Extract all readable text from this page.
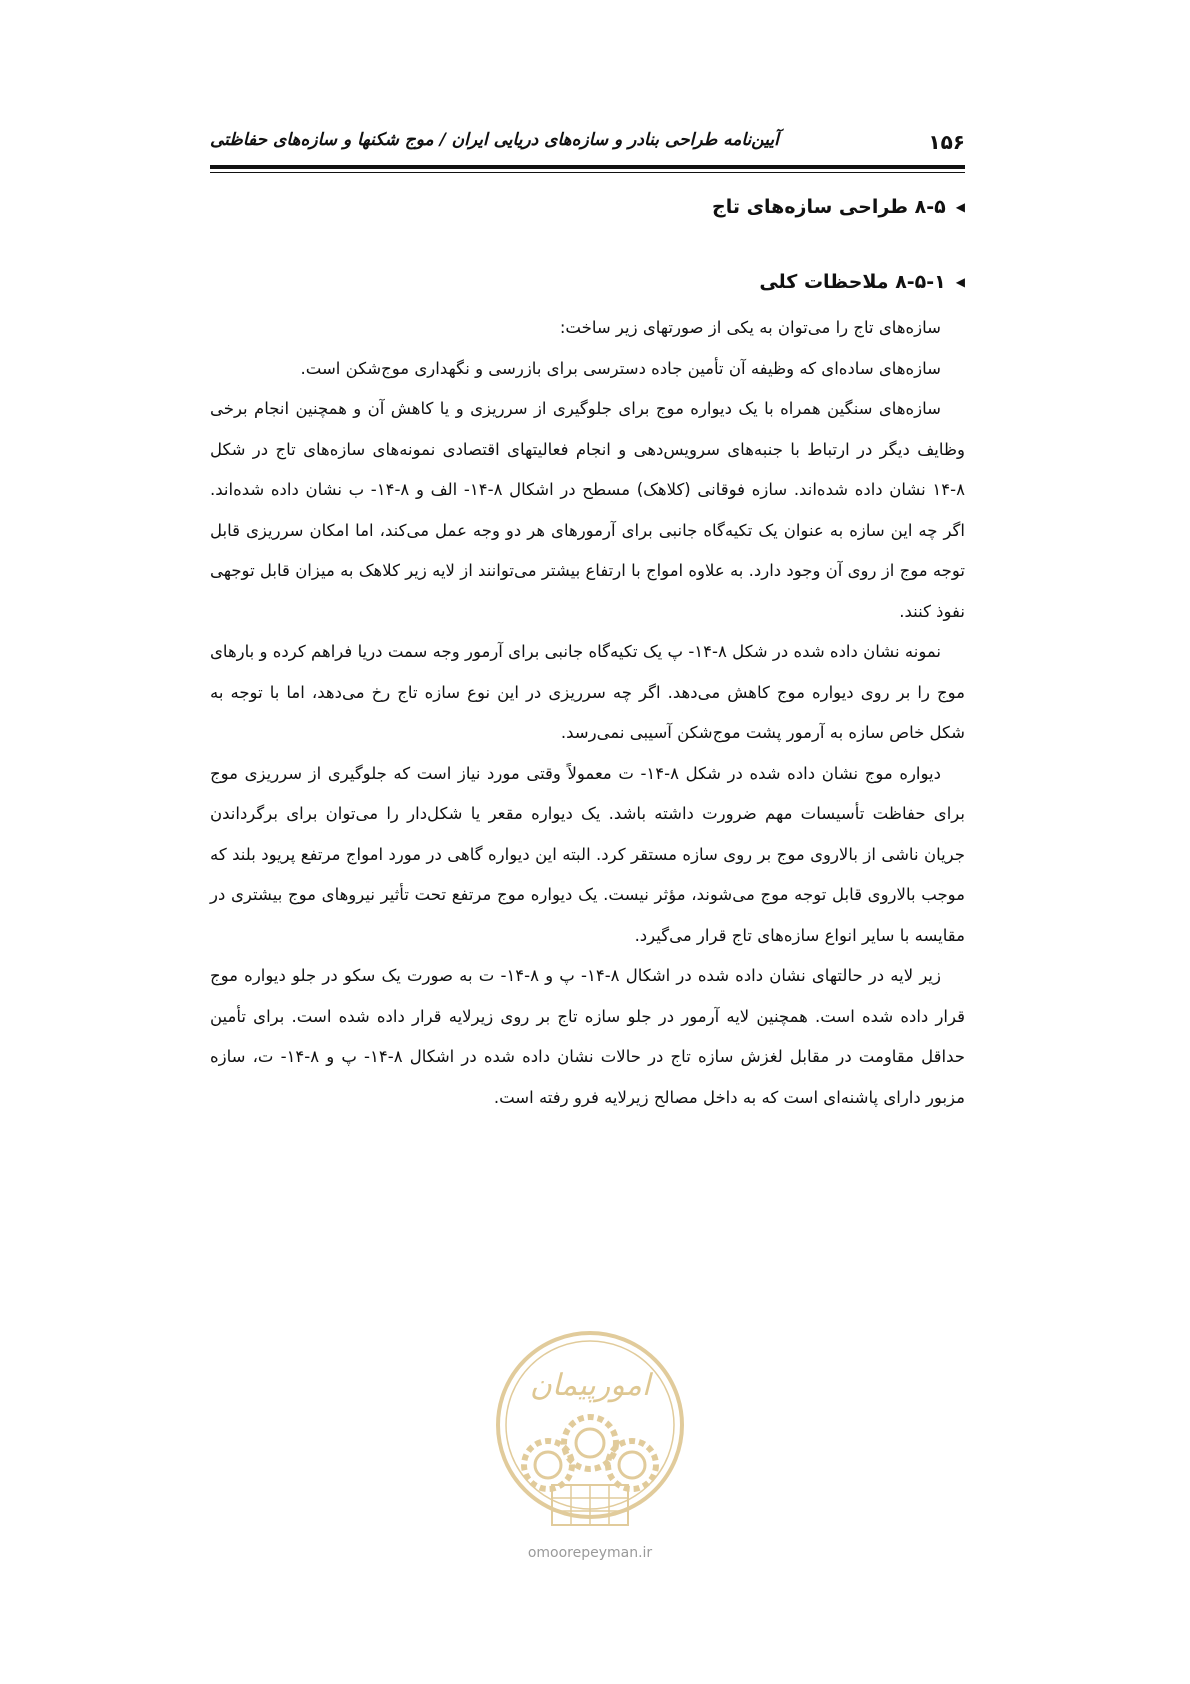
۱۵۶
آیین‌نامه طراحی بنادر و سازه‌های دریایی ایران / موج شکنها و سازه‌های حفاظتی
◀
۸-۵ طراحی سازه‌های تاج
◀
۸-۵-۱ ملاحظات کلی

سازه‌های تاج را می‌توان به یکی از صورتهای زیر ساخت:

سازه‌های ساده‌ای که وظیفه آن تأمین جاده دسترسی برای بازرسی و نگهداری موج‌شکن است.

سازه‌های سنگین همراه با یک دیواره موج برای جلوگیری از سرریزی و یا کاهش آن و همچنین انجام برخی وظایف دیگر در ارتباط با جنبه‌های سرویس‌دهی و انجام فعالیتهای اقتصادی نمونه‌های سازه‌های تاج در شکل ۸-۱۴ نشان داده شده‌اند. سازه فوقانی (کلاهک) مسطح در اشکال ۸-۱۴- الف و ۸-۱۴- ب نشان داده شده‌اند. اگر چه این سازه به عنوان یک تکیه‌گاه جانبی برای آرمورهای هر دو وجه عمل می‌کند، اما امکان سرریزی قابل توجه موج از روی آن وجود دارد. به علاوه امواج با ارتفاع بیشتر می‌توانند از لایه زیر کلاهک به میزان قابل توجهی نفوذ کنند.

نمونه نشان داده شده در شکل ۸-۱۴- پ یک تکیه‌گاه جانبی برای آرمور وجه سمت دریا فراهم کرده و بارهای موج را بر روی دیواره موج کاهش می‌دهد. اگر چه سرریزی در این نوع سازه تاج رخ می‌دهد، اما با توجه به شکل خاص سازه به آرمور پشت موج‌شکن آسیبی نمی‌رسد.

دیواره موج نشان داده شده در شکل ۸-۱۴- ت معمولاً وقتی مورد نیاز است که جلوگیری از سرریزی موج برای حفاظت تأسیسات مهم ضرورت داشته باشد. یک دیواره مقعر یا شکل‌دار را می‌توان برای برگرداندن جریان ناشی از بالاروی موج بر روی سازه مستقر کرد. البته این دیواره گاهی در مورد امواج مرتفع پریود بلند که موجب بالاروی قابل توجه موج می‌شوند، مؤثر نیست. یک دیواره موج مرتفع تحت تأثیر نیروهای موج بیشتری در مقایسه با سایر انواع سازه‌های تاج قرار می‌گیرد.

زیر لایه در حالتهای نشان داده شده در اشکال ۸-۱۴- پ و ۸-۱۴- ت به صورت یک سکو در جلو دیواره موج قرار داده شده است. همچنین لایه آرمور در جلو سازه تاج بر روی زیرلایه قرار داده شده است. برای تأمین حداقل مقاومت در مقابل لغزش سازه تاج در حالات نشان داده شده در اشکال ۸-۱۴- پ و ۸-۱۴- ت، سازه مزبور دارای پاشنه‌ای است که به داخل مصالح زیرلایه فرو رفته است.

امورپیمان
omoorepeyman.ir
